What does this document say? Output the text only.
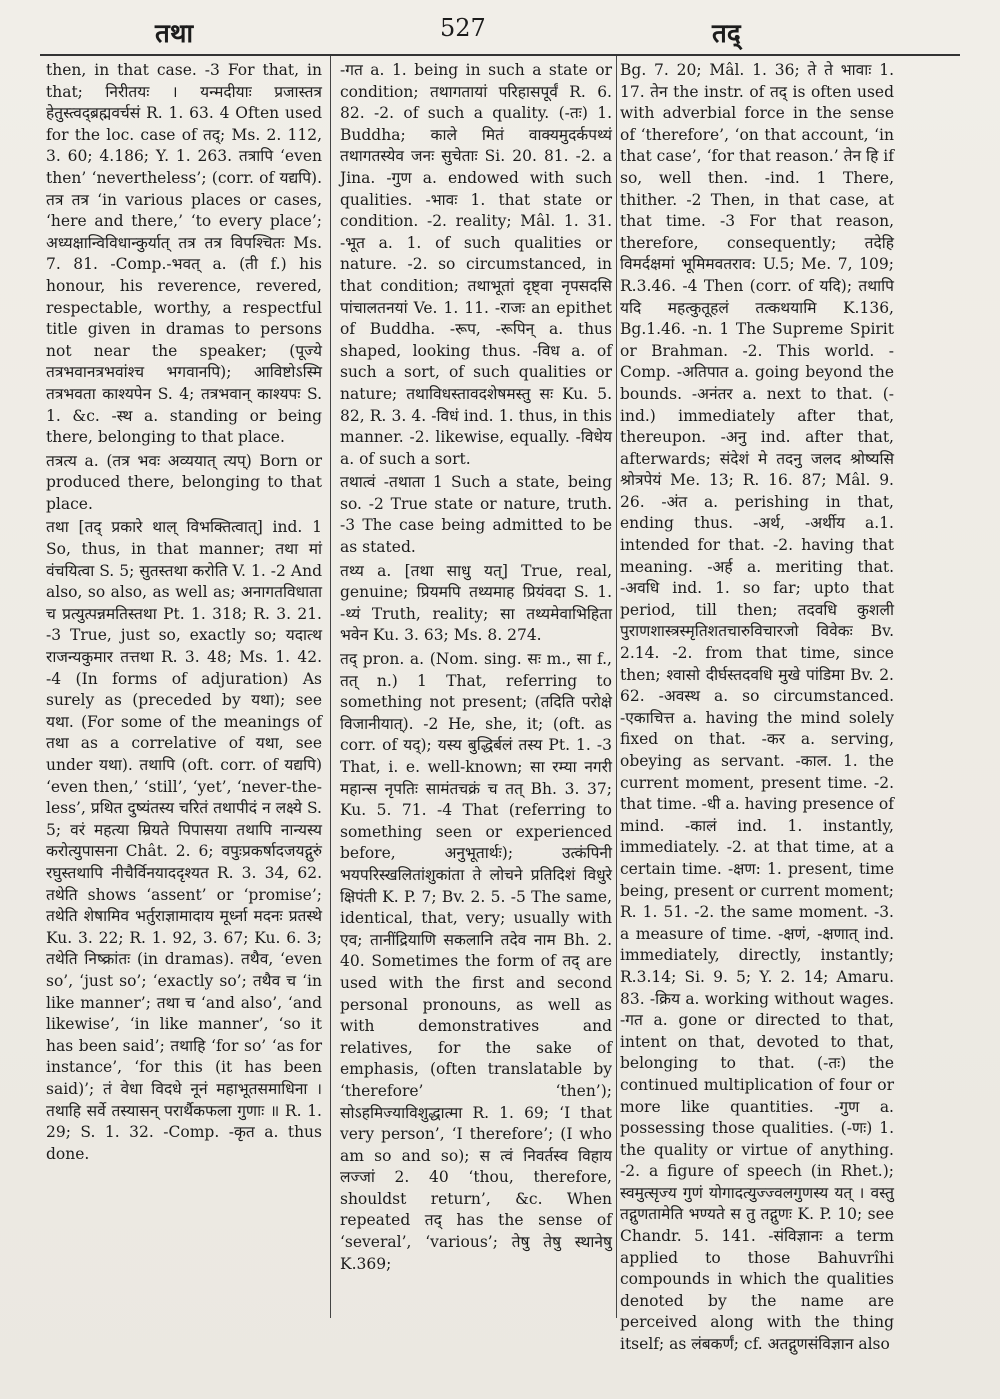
तथा	527	तद्

then, in that case. -3 For that, in that; निरीतयः । यन्मदीयाः प्रजास्तत्र हेतुस्त्वद्ब्रह्मवर्चसं R. 1. 63. 4 Often used for the loc. case of तद्; Ms. 2. 112, 3. 60; 4.186; Y. 1. 263. तत्रापि ‘even then’ ‘nevertheless’; (corr. of यद्यपि). तत्र तत्र ‘in various places or cases, ‘here and there,’ ‘to every place’; अध्यक्षान्विविधान्कुर्यात् तत्र तत्र विपश्चितः Ms. 7. 81. -Comp.-भवत् a. (ती f.) his honour, his reverence, revered, respectable, worthy, a respectful title given in dramas to persons not near the speaker; (पूज्ये तत्रभवानत्रभवांश्च भगवानपि); आविष्टोऽस्मि तत्रभवता काश्यपेन S. 4; तत्रभवान् काश्यपः S. 1. &c. -स्थ a. standing or being there, belonging to that place.

तत्रत्य a. (तत्र भवः अव्ययात् त्यप्) Born or produced there, belonging to that place.

तथा [तद् प्रकारे थाल् विभक्तित्वात्] ind. 1 So, thus, in that manner; तथा मां वंचयित्वा S. 5; सुतस्तथा करोति V. 1. -2 And also, so also, as well as; अनागतविधाता च प्रत्युत्पन्नमतिस्तथा Pt. 1. 318; R. 3. 21. -3 True, just so, exactly so; यदात्थ राजन्यकुमार तत्तथा R. 3. 48; Ms. 1. 42. -4 (In forms of adjuration) As surely as (preceded by यथा); see यथा. (For some of the meanings of तथा as a correlative of यथा, see under यथा). तथापि (oft. corr. of यद्यपि) ‘even then,’ ‘still’, ‘yet’, ‘never-the-less’, प्रथित दुष्यंतस्य चरितं तथापीदं न लक्ष्ये S. 5; वरं महत्या म्रियते पिपासया तथापि नान्यस्य करोत्युपासना Chât. 2. 6; वपुःप्रकर्षादजयद्गुरुं रघुस्तथापि नीचैर्विनयाददृश्यत R. 3. 34, 62. तथेति shows ‘assent’ or ‘promise’; तथेति शेषामिव भर्तुराज्ञामादाय मूर्ध्ना मदनः प्रतस्थे Ku. 3. 22; R. 1. 92, 3. 67; Ku. 6. 3; तथेति निष्क्रांतः (in dramas). तथैव, ‘even so’, ‘just so’; ‘exactly so’; तथैव च ‘in like manner’; तथा च ‘and also’, ‘and likewise’, ‘in like manner’, ‘so it has been said’; तथाहि ‘for so’ ‘as for instance’, ‘for this (it has been said)’; तं वेधा विदधे नूनं महाभूतसमाधिना । तथाहि सर्वे तस्यासन् परार्थैकफला गुणाः ॥ R. 1. 29; S. 1. 32. -Comp. -कृत a. thus done.

-गत a. 1. being in such a state or condition; तथागतायां परिहासपूर्वं R. 6. 82. -2. of such a quality. (-तः) 1. Buddha; काले मितं वाक्यमुदर्कपथ्यं तथागतस्येव जनः सुचेताः Si. 20. 81. -2. a Jina. -गुण a. endowed with such qualities. -भावः 1. that state or condition. -2. reality; Mâl. 1. 31. -भूत a. 1. of such qualities or nature. -2. so circumstanced, in that condition; तथाभूतां दृष्ट्वा नृपसदसि पांचालतनयां Ve. 1. 11. -राजः an epithet of Buddha. -रूप, -रूपिन् a. thus shaped, looking thus. -विध a. of such a sort, of such qualities or nature; तथाविधस्तावदशेषमस्तु सः Ku. 5. 82, R. 3. 4. -विधं ind. 1. thus, in this manner. -2. likewise, equally. -विधेय a. of such a sort.

तथात्वं -तथाता 1 Such a state, being so. -2 True state or nature, truth. -3 The case being admitted to be as stated.

तथ्य a. [तथा साधु यत्] True, real, genuine; प्रियमपि तथ्यमाह प्रियंवदा S. 1. -थ्यं Truth, reality; सा तथ्यमेवाभिहिता भवेन Ku. 3. 63; Ms. 8. 274.

तद् pron. a. (Nom. sing. सः m., सा f., तत् n.) 1 That, referring to something not present; (तदिति परोक्षे विजानीयात्). -2 He, she, it; (oft. as corr. of यद्); यस्य बुद्धिर्बलं तस्य Pt. 1. -3 That, i. e. well-known; सा रम्या नगरी महान्स नृपतिः सामंतचक्रं च तत् Bh. 3. 37; Ku. 5. 71. -4 That (referring to something seen or experienced before, अनुभूतार्थः); उत्कंपिनी भयपरिस्खलितांशुकांता ते लोचने प्रतिदिशं विधुरे क्षिपंती K. P. 7; Bv. 2. 5. -5 The same, identical, that, very; usually with एव; तानींद्रियाणि सकलानि तदेव नाम Bh. 2. 40. Sometimes the form of तद् are used with the first and second personal pronouns, as well as with demonstratives and relatives, for the sake of emphasis, (often translatable by ‘therefore’ ‘then’); सोऽहमिज्याविशुद्धात्मा R. 1. 69; ‘I that very person’, ‘I therefore’; (I who am so and so); स त्वं निवर्तस्व विहाय लज्जां 2. 40 ‘thou, therefore, shouldst return’, &c. When repeated तद् has the sense of ‘several’, ‘various’; तेषु तेषु स्थानेषु K.369;

Bg. 7. 20; Mâl. 1. 36; ते ते भावाः 1. 17. तेन the instr. of तद् is often used with adverbial force in the sense of ‘therefore’, ‘on that account, ‘in that case’, ‘for that reason.’ तेन हि if so, well then. -ind. 1 There, thither. -2 Then, in that case, at that time. -3 For that reason, therefore, consequently; तदेहि विमर्दक्षमां भूमिमवतराव: U.5; Me. 7, 109; R.3.46. -4 Then (corr. of यदि); तथापि यदि महत्कुतूहलं तत्कथयामि K.136, Bg.1.46. -n. 1 The Supreme Spirit or Brahman. -2. This world. -Comp. -अतिपात a. going beyond the bounds. -अनंतर a. next to that. (-ind.) immediately after that, thereupon. -अनु ind. after that, afterwards; संदेशं मे तदनु जलद श्रोष्यसि श्रोत्रपेयं Me. 13; R. 16. 87; Mâl. 9. 26. -अंत a. perishing in that, ending thus. -अर्थ, -अर्थीय a.1. intended for that. -2. having that meaning. -अर्ह a. meriting that. -अवधि ind. 1. so far; upto that period, till then; तदवधि कुशली पुराणशास्त्रस्मृतिशतचारुविचारजो विवेकः Bv. 2.14. -2. from that time, since then; श्वासो दीर्घस्तदवधि मुखे पांडिमा Bv. 2. 62. -अवस्थ a. so circumstanced. -एकाचित्त a. having the mind solely fixed on that. -कर a. serving, obeying as servant. -काल. 1. the current moment, present time. -2. that time. -धी a. having presence of mind. -कालं ind. 1. instantly, immediately. -2. at that time, at a certain time. -क्षण: 1. present, time being, present or current moment; R. 1. 51. -2. the same moment. -3. a measure of time. -क्षणं, -क्षणात् ind. immediately, directly, instantly; R.3.14; Si. 9. 5; Y. 2. 14; Amaru. 83. -क्रिय a. working without wages. -गत a. gone or directed to that, intent on that, devoted to that, belonging to that. (-तः) the continued multiplication of four or more like quantities. -गुण a. possessing those qualities. (-णः) 1. the quality or virtue of anything. -2. a figure of speech (in Rhet.); स्वमुत्सृज्य गुणं योगादत्युज्ज्वलगुणस्य यत् । वस्तु तद्गुणतामेति भण्यते स तु तद्गुणः K. P. 10; see Chandr. 5. 141. -संविज्ञानः a term applied to those Bahuvrîhi compounds in which the qualities denoted by the name are perceived along with the thing itself; as लंबकर्णं; cf. अतद्गुणसंविज्ञान also
